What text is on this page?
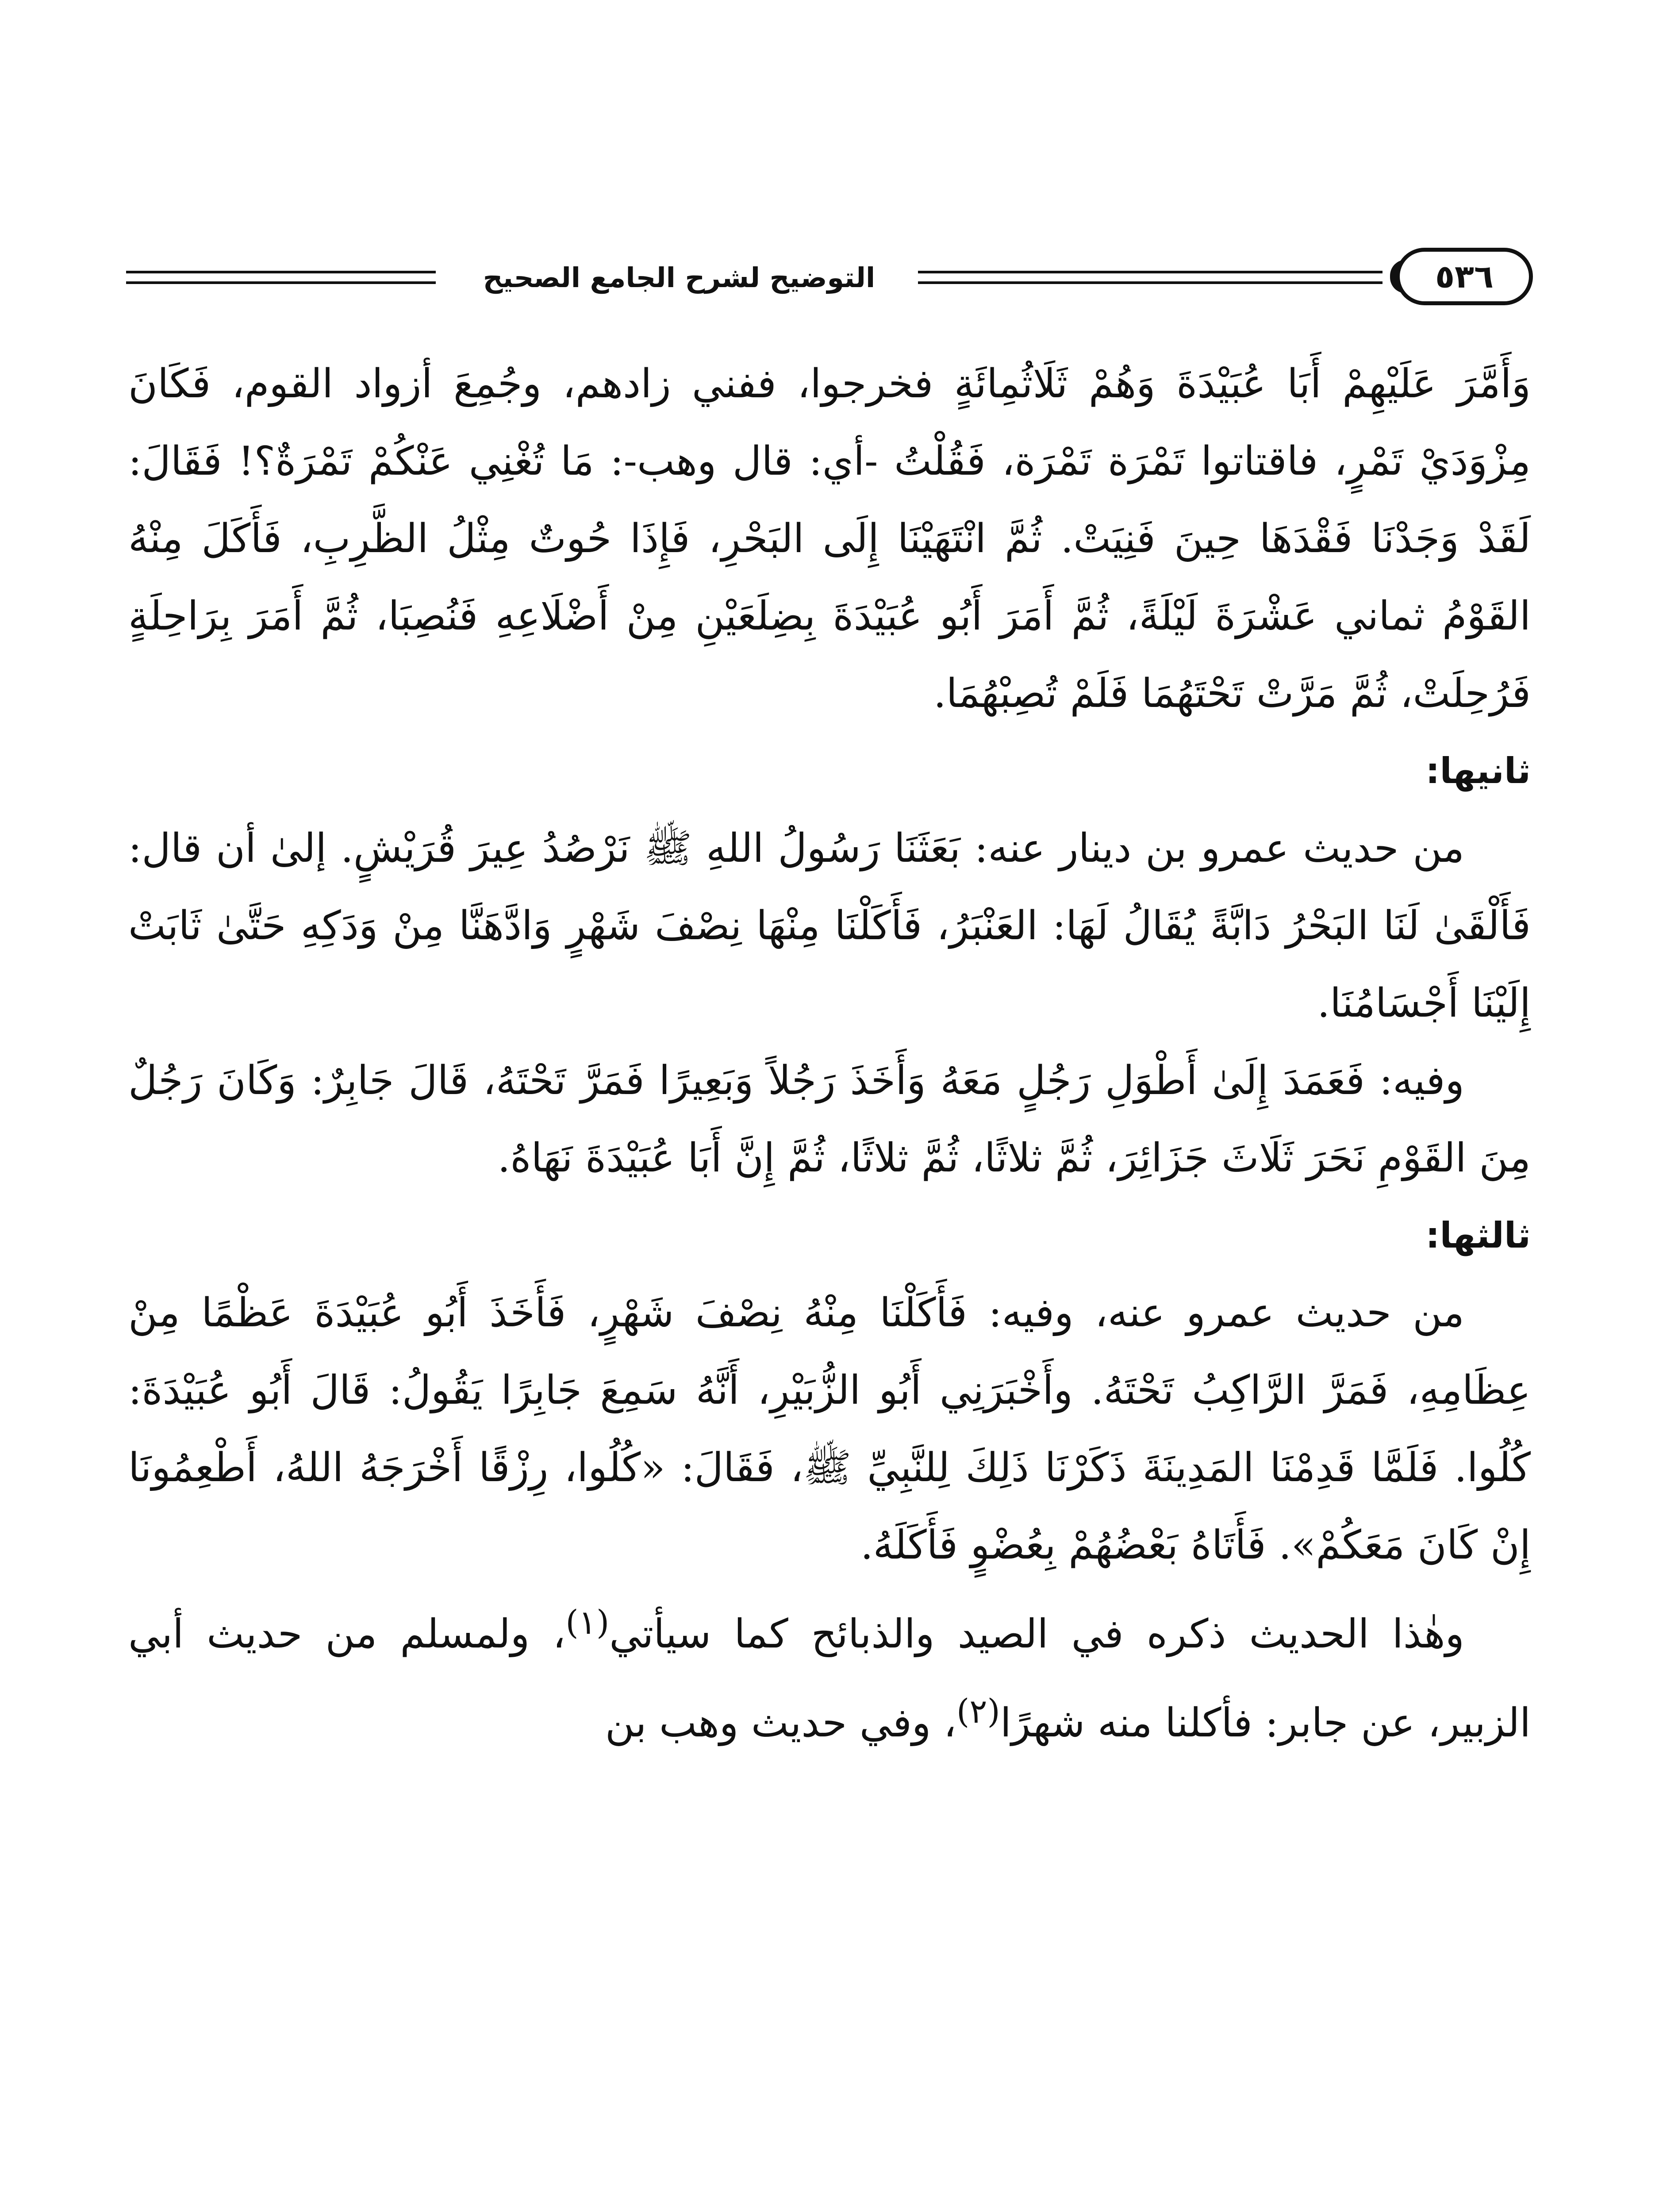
التوضيح لشرح الجامع الصحيح	٥٣٦

وَأَمَّرَ عَلَيْهِمْ أَبَا عُبَيْدَةَ وَهُمْ ثَلَاثُمِائَةٍ فخرجوا، ففني زادهم، وجُمِعَ أزواد القوم، فَكَانَ مِزْوَدَيْ تَمْرٍ، فاقتاتوا تَمْرَة تَمْرَة، فَقُلْتُ -أي: قال وهب-: مَا تُغْنِي عَنْكُمْ تَمْرَةٌ؟! فَقَالَ: لَقَدْ وَجَدْنَا فَقْدَهَا حِينَ فَنِيَتْ. ثُمَّ انْتَهَيْنَا إِلَى البَحْرِ، فَإِذَا حُوتٌ مِثْلُ الظَّرِبِ، فَأَكَلَ مِنْهُ القَوْمُ ثماني عَشْرَةَ لَيْلَةً، ثُمَّ أَمَرَ أَبُو عُبَيْدَةَ بِضِلَعَيْنِ مِنْ أَضْلَاعِهِ فَنُصِبَا، ثُمَّ أَمَرَ بِرَاحِلَةٍ فَرُحِلَتْ، ثُمَّ مَرَّتْ تَحْتَهُمَا فَلَمْ تُصِبْهُمَا.

ثانيها:

من حديث عمرو بن دينار عنه: بَعَثَنَا رَسُولُ اللهِ ﷺ نَرْصُدُ عِيرَ قُرَيْشٍ. إلىٰ أن قال: فَأَلْقَىٰ لَنَا البَحْرُ دَابَّةً يُقَالُ لَهَا: العَنْبَرُ، فَأَكَلْنَا مِنْهَا نِصْفَ شَهْرٍ وَادَّهَنَّا مِنْ وَدَكِهِ حَتَّىٰ ثَابَتْ إِلَيْنَا أَجْسَامُنَا.

وفيه: فَعَمَدَ إِلَىٰ أَطْوَلِ رَجُلٍ مَعَهُ وَأَخَذَ رَجُلاً وَبَعِيرًا فَمَرَّ تَحْتَهُ، قَالَ جَابِرٌ: وَكَانَ رَجُلٌ مِنَ القَوْمِ نَحَرَ ثَلَاثَ جَزَائِرَ، ثُمَّ ثلاثًا، ثُمَّ ثلاثًا، ثُمَّ إِنَّ أَبَا عُبَيْدَةَ نَهَاهُ.

ثالثها:

من حديث عمرو عنه، وفيه: فَأَكَلْنَا مِنْهُ نِصْفَ شَهْرٍ، فَأَخَذَ أَبُو عُبَيْدَةَ عَظْمًا مِنْ عِظَامِهِ، فَمَرَّ الرَّاكِبُ تَحْتَهُ. وأَخْبَرَنِي أَبُو الزُّبَيْرِ، أَنَّهُ سَمِعَ جَابِرًا يَقُولُ: قَالَ أَبُو عُبَيْدَةَ: كُلُوا. فَلَمَّا قَدِمْنَا المَدِينَةَ ذَكَرْنَا ذَلِكَ لِلنَّبِيِّ ﷺ، فَقَالَ: «كُلُوا، رِزْقًا أَخْرَجَهُ اللهُ، أَطْعِمُونَا إِنْ كَانَ مَعَكُمْ». فَأَتَاهُ بَعْضُهُمْ بِعُضْوٍ فَأَكَلَهُ.

وهٰذا الحديث ذكره في الصيد والذبائح كما سيأتي$^{(١)}$، ولمسلم من حديث أبي الزبير، عن جابر: فأكلنا منه شهرًا$^{(٢)}$، وفي حديث وهب بن
